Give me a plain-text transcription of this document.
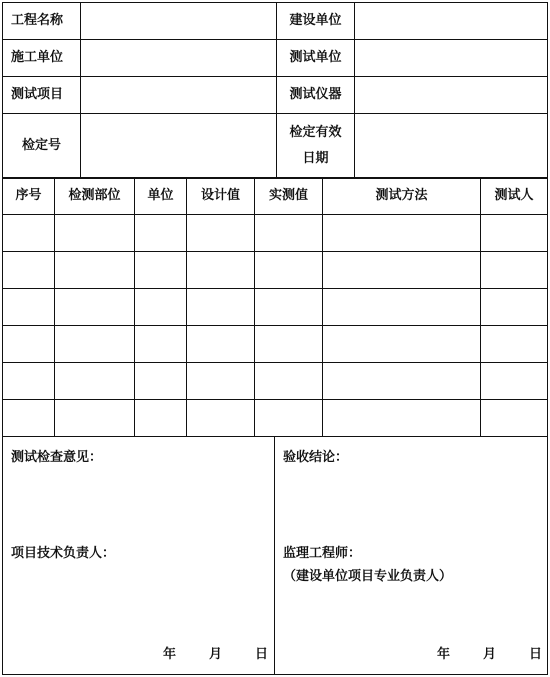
工程名称		建设单位	
施工单位		测试单位	
测试项目		测试仪器	
检定号		检定有效
日期	

序号	检测部位	单位	设计值	实测值	测试方法	测试人

测试检查意见：
项目技术负责人：
年	月	日

验收结论：
监理工程师：
（建设单位项目专业负责人）
年	月	日
